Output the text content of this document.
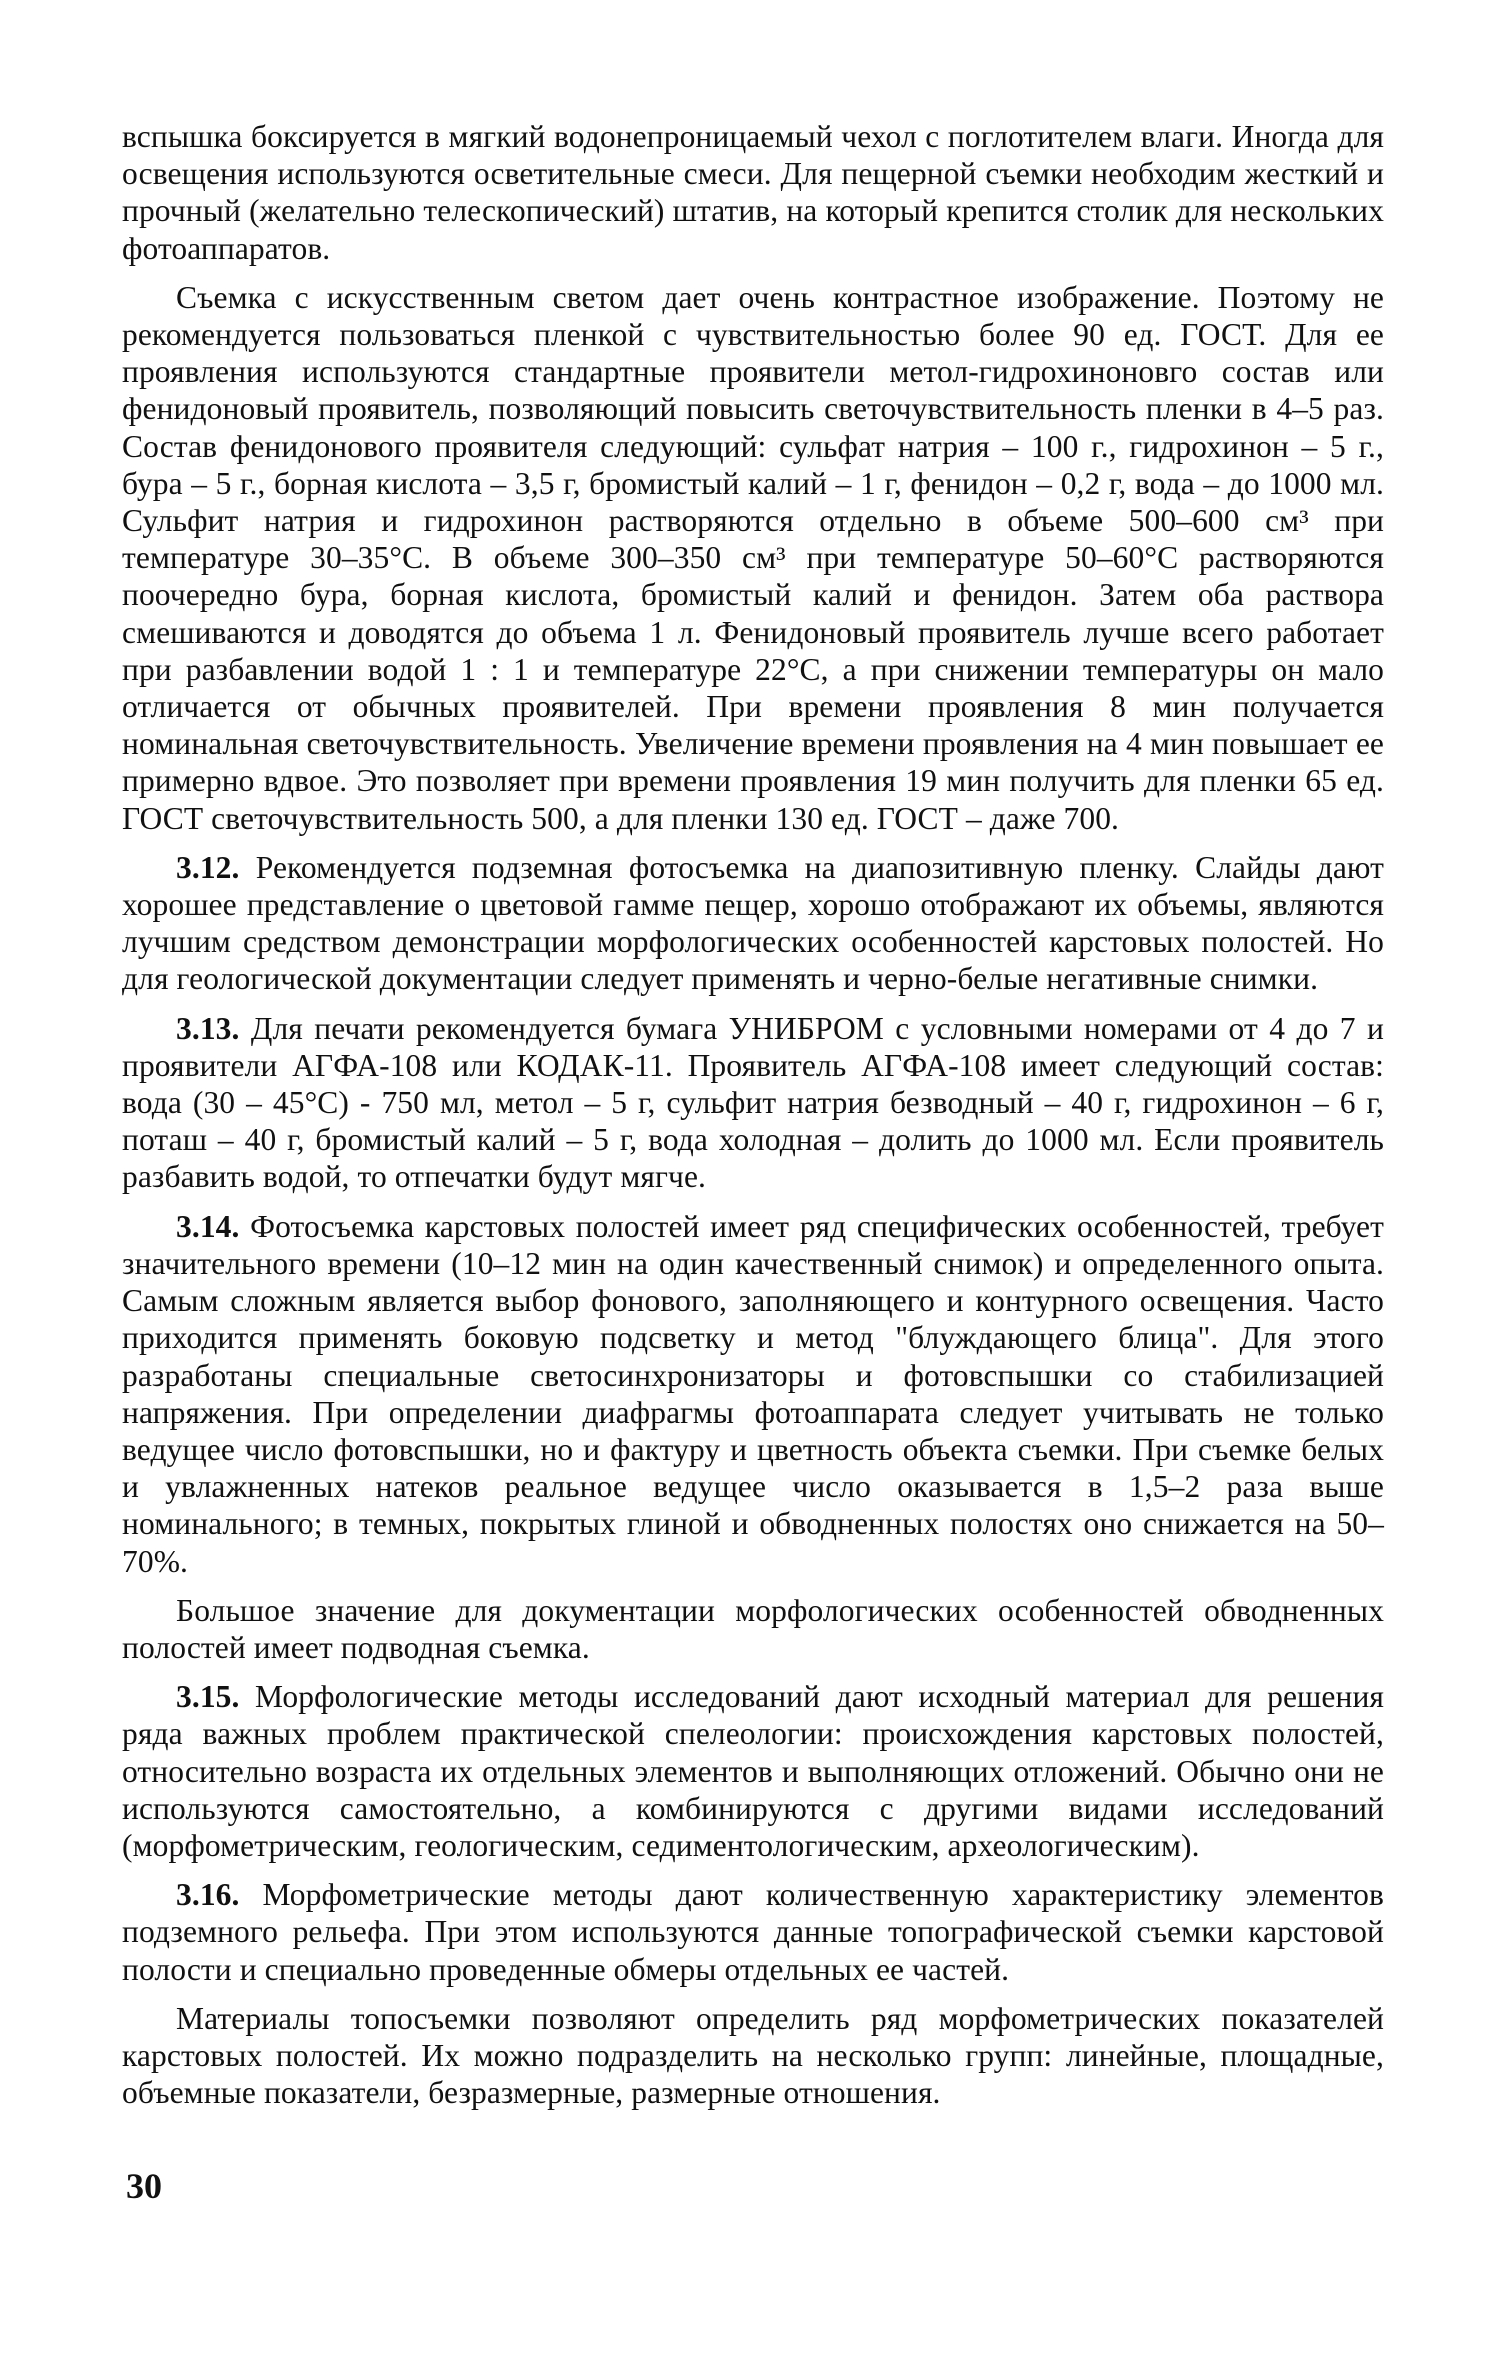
вспышка боксируется в мягкий водонепроницаемый чехол с поглотителем влаги. Иногда для освещения используются осветительные смеси. Для пещерной съемки необходим жесткий и прочный (желательно телескопический) штатив, на который крепится столик для нескольких фотоаппаратов.

Съемка с искусственным светом дает очень контрастное изображение. Поэтому не рекомендуется пользоваться пленкой с чувствительностью более 90 ед. ГОСТ. Для ее проявления используются стандартные проявители метол-гидрохиноновго состав или фенидоновый проявитель, позволяющий повысить светочувствительность пленки в 4–5 раз. Состав фенидонового проявителя следующий: сульфат натрия – 100 г., гидрохинон – 5 г., бура – 5 г., борная кислота – 3,5 г, бромистый калий – 1 г, фенидон – 0,2 г, вода – до 1000 мл. Сульфит натрия и гидрохинон растворяются отдельно в объеме 500–600 см³ при температуре 30–35°С. В объеме 300–350 см³ при температуре 50–60°С растворяются поочередно бура, борная кислота, бромистый калий и фенидон. Затем оба раствора смешиваются и доводятся до объема 1 л. Фенидоновый проявитель лучше всего работает при разбавлении водой 1 : 1 и температуре 22°С, а при снижении температуры он мало отличается от обычных проявителей. При времени проявления 8 мин получается номинальная светочувствительность. Увеличение времени проявления на 4 мин повышает ее примерно вдвое. Это позволяет при времени проявления 19 мин получить для пленки 65 ед. ГОСТ светочувствительность 500, а для пленки 130 ед. ГОСТ – даже 700.

3.12. Рекомендуется подземная фотосъемка на диапозитивную пленку. Слайды дают хорошее представление о цветовой гамме пещер, хорошо отображают их объемы, являются лучшим средством демонстрации морфологических особенностей карстовых полостей. Но для геологической документации следует применять и черно-белые негативные снимки.

3.13. Для печати рекомендуется бумага УНИБРОМ с условными номерами от 4 до 7 и проявители АГФА-108 или КОДАК-11. Проявитель АГФА-108 имеет следующий состав: вода (30 – 45°С) - 750 мл, метол – 5 г, сульфит натрия безводный – 40 г, гидрохинон – 6 г, поташ – 40 г, бромистый калий – 5 г, вода холодная – долить до 1000 мл. Если проявитель разбавить водой, то отпечатки будут мягче.

3.14. Фотосъемка карстовых полостей имеет ряд специфических особенностей, требует значительного времени (10–12 мин на один качественный снимок) и определенного опыта. Самым сложным является выбор фонового, заполняющего и контурного освещения. Часто приходится применять боковую подсветку и метод "блуждающего блица". Для этого разработаны специальные светосинхронизаторы и фотовспышки со стабилизацией напряжения. При определении диафрагмы фотоаппарата следует учитывать не только ведущее число фотовспышки, но и фактуру и цветность объекта съемки. При съемке белых и увлажненных натеков реальное ведущее число оказывается в 1,5–2 раза выше номинального; в темных, покрытых глиной и обводненных полостях оно снижается на 50–70%.

Большое значение для документации морфологических особенностей обводненных полостей имеет подводная съемка.

3.15. Морфологические методы исследований дают исходный материал для решения ряда важных проблем практической спелеологии: происхождения карстовых полостей, относительно возраста их отдельных элементов и выполняющих отложений. Обычно они не используются самостоятельно, а комбинируются с другими видами исследований (морфометрическим, геологическим, седиментологическим, археологическим).

3.16. Морфометрические методы дают количественную характеристику элементов подземного рельефа. При этом используются данные топографической съемки карстовой полости и специально проведенные обмеры отдельных ее частей.

Материалы топосъемки позволяют определить ряд морфометрических показателей карстовых полостей. Их можно подразделить на несколько групп: линейные, площадные, объемные показатели, безразмерные, размерные отношения.

30
